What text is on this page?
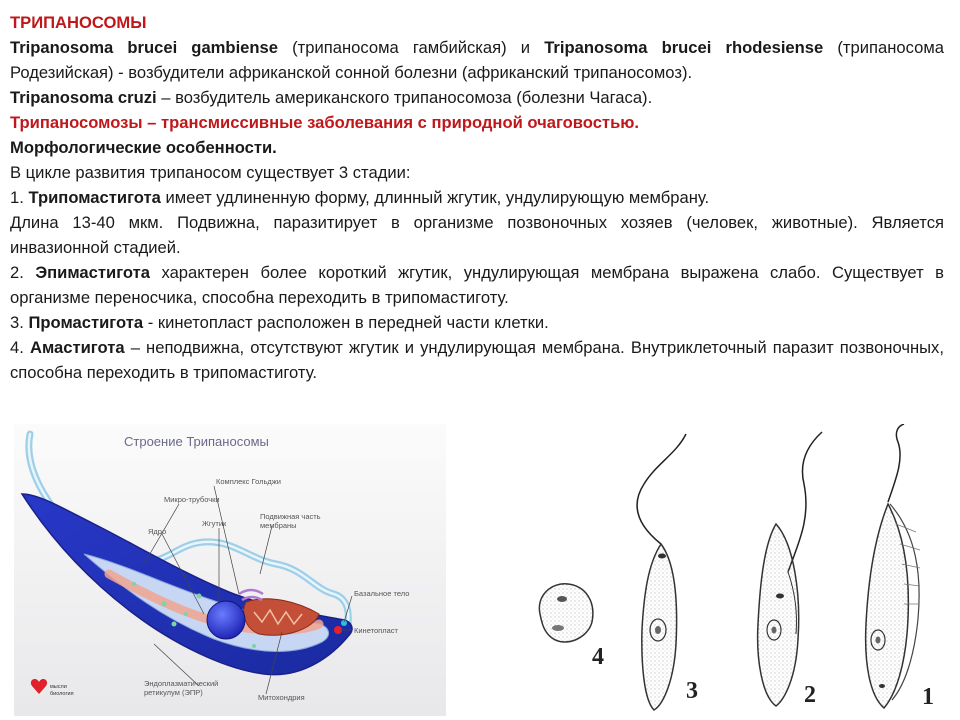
ТРИПАНОСОМЫ

Tripanosoma brucei gambiense (трипаносома гамбийская) и Tripanosoma brucei rhodesiense (трипаносома Родезийская) - возбудители африканской сонной болезни (африканский трипаносомоз).

Tripanosoma cruzi – возбудитель американского трипаносомоза (болезни Чагаса).

Трипаносомозы – трансмиссивные заболевания с природной очаговостью.

Морфологические особенности.

В цикле развития трипаносом существует 3 стадии:

1. Трипомастигота имеет удлиненную форму, длинный жгутик, ундулирующую мембрану.

Длина 13-40 мкм. Подвижна, паразитирует в организме позвоночных хозяев (человек, животные). Является инвазионной стадией.

2. Эпимастигота характерен более короткий жгутик, ундулирующая мембрана выражена слабо. Существует в организме переносчика, способна переходить в трипомастиготу.

3. Промастигота - кинетопласт расположен в передней части клетки.

4. Амастигота – неподвижна, отсутствуют жгутик и ундулирующая мембрана. Внутриклеточный паразит позвоночных, способна переходить в трипомастиготу.

Строение Трипаносомы
Комплекс Гольджи
Микро-трубочки
Жгутик
Ядро
Подвижная часть
мембраны
Базальное тело
Кинетопласт
Эндоплазматический
ретикулум (ЭПР)
Митохондрия
мысли
биология
4
3	2	1
